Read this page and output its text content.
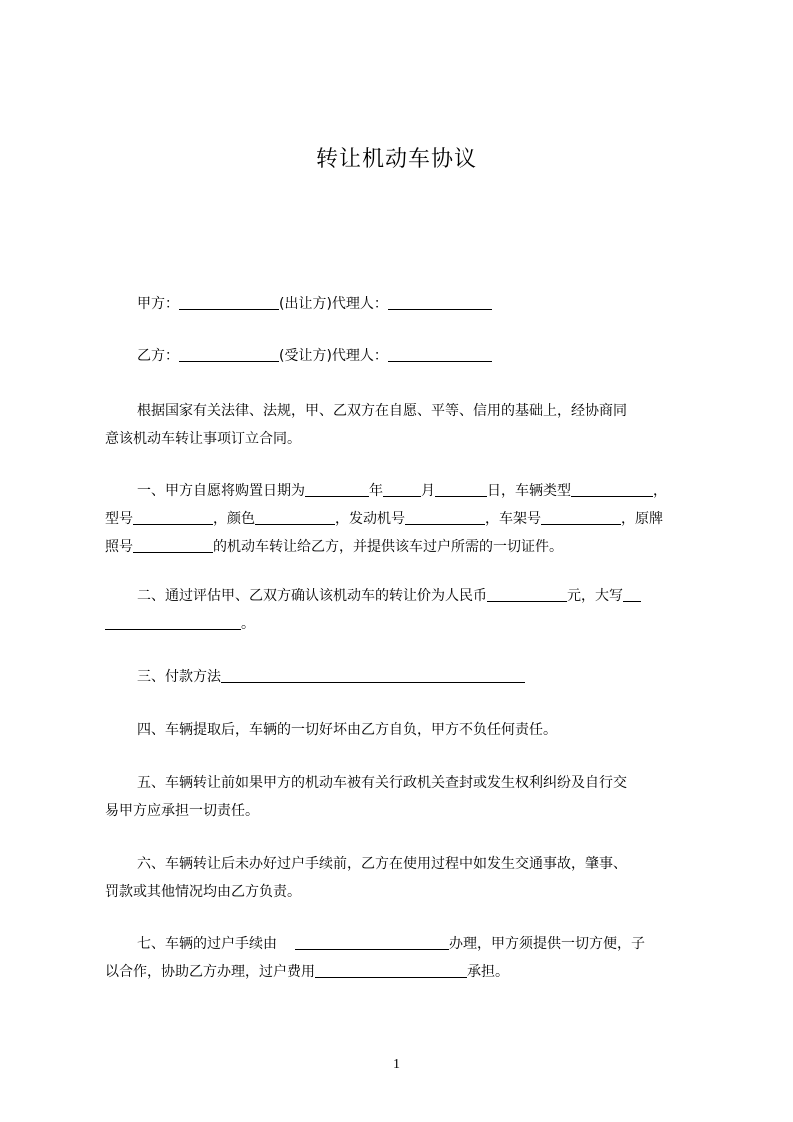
转让机动车协议
甲方：	(出让方)代理人：
乙方：	(受让方)代理人：
根据国家有关法律、法规，甲、乙双方在自愿、平等、信用的基础上，经协商同
意该机动车转让事项订立合同。
一、甲方自愿将购置日期为	年	月	日，车辆类型	，
型号	，颜色	，发动机号	，车架号	，原牌
照号	的机动车转让给乙方，并提供该车过户所需的一切证件。
二、通过评估甲、乙双方确认该机动车的转让价为人民币	元，大写
。
三、付款方法
四、车辆提取后，车辆的一切好坏由乙方自负，甲方不负任何责任。
五、车辆转让前如果甲方的机动车被有关行政机关查封或发生权利纠纷及自行交
易甲方应承担一切责任。
六、车辆转让后未办好过户手续前，乙方在使用过程中如发生交通事故，肇事、
罚款或其他情况均由乙方负责。
七、车辆的过户手续由	办理，甲方须提供一切方便，子
以合作，协助乙方办理，过户费用	承担。
1
